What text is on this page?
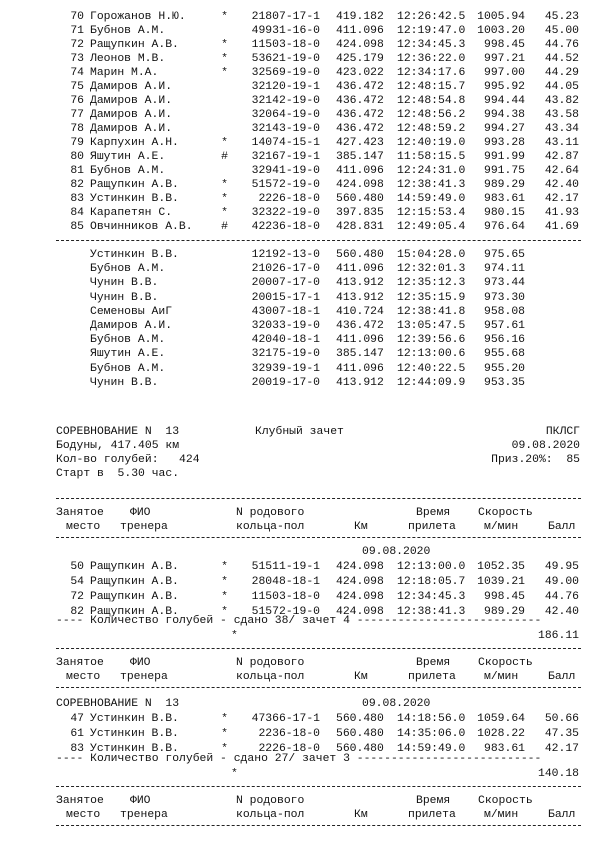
70 Горожанов Н.Ю.	*	21807-17-1 419.182 12:26:42.5	1005.94	45.23
71 Бубнов А.М.	49931-16-0 411.096 12:19:47.0	1003.20	45.00
72 Ращупкин А.В.	*	11503-18-0 424.098 12:34:45.3	998.45	44.76
73 Леонов М.В.	*	53621-19-0 425.179 12:36:22.0	997.21	44.52
74 Марин М.А.	*	32569-19-0 423.022 12:34:17.6	997.00	44.29
75 Дамиров А.И.	32120-19-1 436.472 12:48:15.7	995.92	44.05
76 Дамиров А.И.	32142-19-0 436.472 12:48:54.8	994.44	43.82
77 Дамиров А.И.	32064-19-0 436.472 12:48:56.2	994.38	43.58
78 Дамиров А.И.	32143-19-0 436.472 12:48:59.2	994.27	43.34
79 Карпухин А.Н.	*	14074-15-1 427.423 12:40:19.0	993.28	43.11
80 Яшутин А.Е.	#	32167-19-1 385.147 11:58:15.5	991.99	42.87
81 Бубнов А.М.	32941-19-0 411.096 12:24:31.0	991.75	42.64
82 Ращупкин А.В.	*	51572-19-0 424.098 12:38:41.3	989.29	42.40
83 Устинкин В.В.	*	2226-18-0 560.480 14:59:49.0	983.61	42.17
84 Карапетян С.	*	32322-19-0 397.835 12:15:53.4	980.15	41.93
85 Овчинников А.В.	#	42236-18-0 428.831 12:49:05.4	976.64	41.69
Устинкин В.В.	12192-13-0 560.480 15:04:28.0	975.65
Бубнов А.М.	21026-17-0 411.096 12:32:01.3	974.11
Чунин В.В.	20007-17-0 413.912 12:35:12.3	973.44
Чунин В.В.	20015-17-1 413.912 12:35:15.9	973.30
Семеновы АиГ	43007-18-1 410.724 12:38:41.8	958.08
Дамиров А.И.	32033-19-0 436.472 13:05:47.5	957.61
Бубнов А.М.	42040-18-1 411.096 12:39:56.6	956.16
Яшутин А.Е.	32175-19-0 385.147 12:13:00.6	955.68
Бубнов А.М.	32939-19-1 411.096 12:40:22.5	955.20
Чунин В.В.	20019-17-0 413.912 12:44:09.9	953.35
СОРЕВНОВАНИЕ N  13	Клубный зачет	ПКЛСГ
Бодуны, 417.405 км	09.08.2020
Кол-во голубей:   424	Приз.20%:  85
Старт в  5.30 час.
Занятое ФИО	N родового	Время Скорость
место тренера	кольца-пол	Км	прилета м/мин	Балл
09.08.2020
50 Ращупкин А.В.	*	51511-19-1 424.098 12:13:00.0	1052.35	49.95
54 Ращупкин А.В.	*	28048-18-1 424.098 12:18:05.7	1039.21	49.00
72 Ращупкин А.В.	*	11503-18-0 424.098 12:34:45.3	998.45	44.76
82 Ращупкин А.В.	*	51572-19-0 424.098 12:38:41.3	989.29	42.40
---- Количество голубей - сдано 38/ зачет 4 ---------------------------
*	186.11
Занятое ФИО	N родового	Время Скорость
место тренера	кольца-пол	Км	прилета м/мин	Балл
СОРЕВНОВАНИЕ N  13	09.08.2020
47 Устинкин В.В.	*	47366-17-1 560.480 14:18:56.0	1059.64	50.66
61 Устинкин В.В.	*	2236-18-0 560.480 14:35:06.0	1028.22	47.35
83 Устинкин В.В.	*	2226-18-0 560.480 14:59:49.0	983.61	42.17
---- Количество голубей - сдано 27/ зачет 3 ---------------------------
*	140.18
Занятое ФИО	N родового	Время Скорость
место тренера	кольца-пол	Км	прилета м/мин	Балл
